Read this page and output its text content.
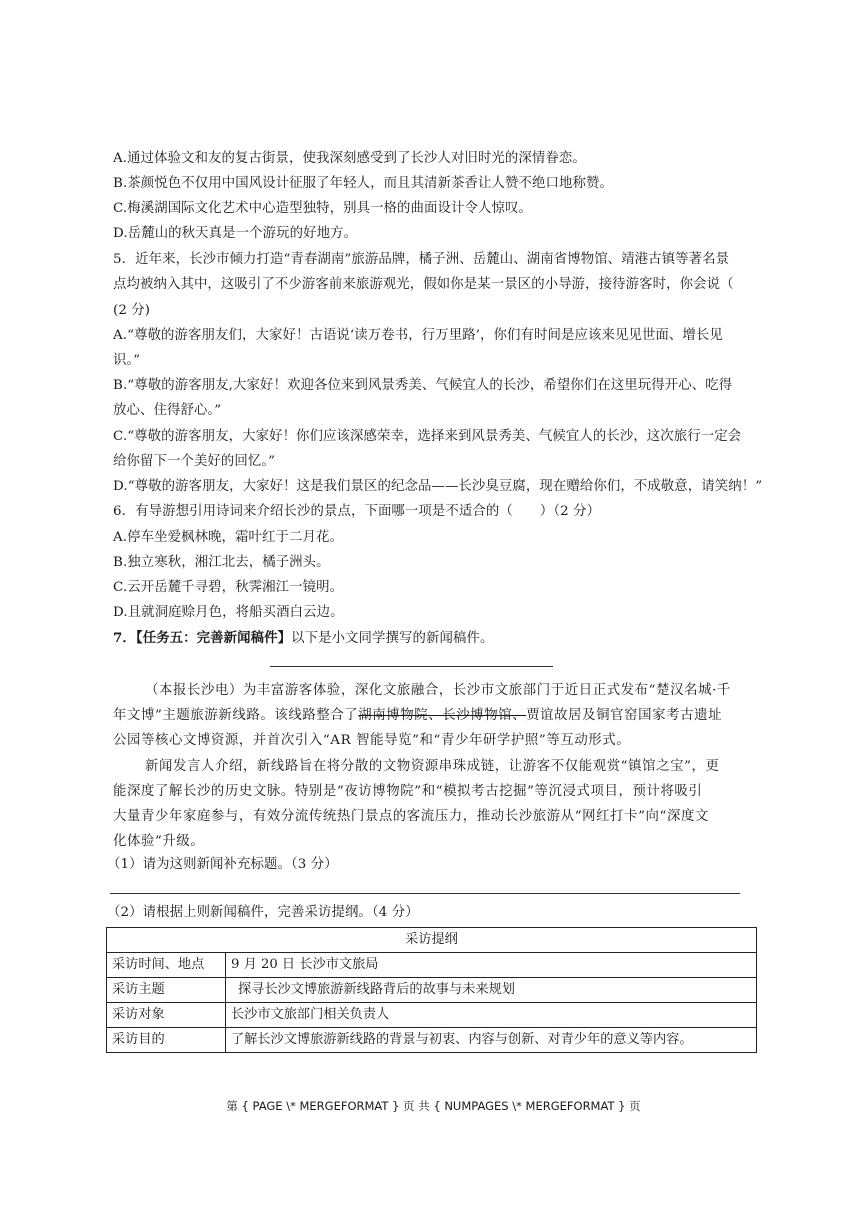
A.通过体验文和友的复古街景，使我深刻感受到了长沙人对旧时光的深情眷恋。
B.茶颜悦色不仅用中国风设计征服了年轻人，而且其清新茶香让人赞不绝口地称赞。
C.梅溪湖国际文化艺术中心造型独特，别具一格的曲面设计令人惊叹。
D.岳麓山的秋天真是一个游玩的好地方。
5．近年来，长沙市倾力打造“青春湖南”旅游品牌，橘子洲、岳麓山、湖南省博物馆、靖港古镇等著名景
点均被纳入其中，这吸引了不少游客前来旅游观光，假如你是某一景区的小导游，接待游客时，你会说（
(2 分)
A.“尊敬的游客朋友们，大家好！古语说‘读万卷书，行万里路’，你们有时间是应该来见见世面、增长见
识。”
B.“尊敬的游客朋友,大家好！欢迎各位来到风景秀美、气候宜人的长沙，希望你们在这里玩得开心、吃得
放心、住得舒心。”
C.“尊敬的游客朋友，大家好！你们应该深感荣幸，选择来到风景秀美、气候宜人的长沙，这次旅行一定会
给你留下一个美好的回忆。”
D.“尊敬的游客朋友，大家好！这是我们景区的纪念品——长沙臭豆腐，现在赠给你们，不成敬意，请笑纳！”
6．有导游想引用诗词来介绍长沙的景点，下面哪一项是不适合的（　　）（2 分）
A.停车坐爱枫林晚，霜叶红于二月花。
B.独立寒秋，湘江北去，橘子洲头。
C.云开岳麓千寻碧，秋霁湘江一镜明。
D.且就洞庭赊月色，将船买酒白云边。
7．【任务五：完善新闻稿件】以下是小文同学撰写的新闻稿件。
（本报长沙电）为丰富游客体验，深化文旅融合，长沙市文旅部门于近日正式发布“楚汉名城·千
年文博”主题旅游新线路。该线路整合了湖南博物院、长沙博物馆、贾谊故居及铜官窑国家考古遗址
公园等核心文博资源，并首次引入“AR 智能导览”和“青少年研学护照”等互动形式。
新闻发言人介绍，新线路旨在将分散的文物资源串珠成链，让游客不仅能观赏“镇馆之宝”，更
能深度了解长沙的历史文脉。特别是“夜访博物院”和“模拟考古挖掘”等沉浸式项目，预计将吸引
大量青少年家庭参与，有效分流传统热门景点的客流压力，推动长沙旅游从“网红打卡”向“深度文
化体验”升级。
（1）请为这则新闻补充标题。（3 分）
（2）请根据上则新闻稿件，完善采访提纲。（4 分）
采访提纲	
采访时间、地点	9 月 20 日 长沙市文旅局
采访主题	探寻长沙文博旅游新线路背后的故事与未来规划
采访对象	长沙市文旅部门相关负责人
采访目的	了解长沙文博旅游新线路的背景与初衷、内容与创新、对青少年的意义等内容。
第 { PAGE \* MERGEFORMAT } 页 共 { NUMPAGES \* MERGEFORMAT } 页
